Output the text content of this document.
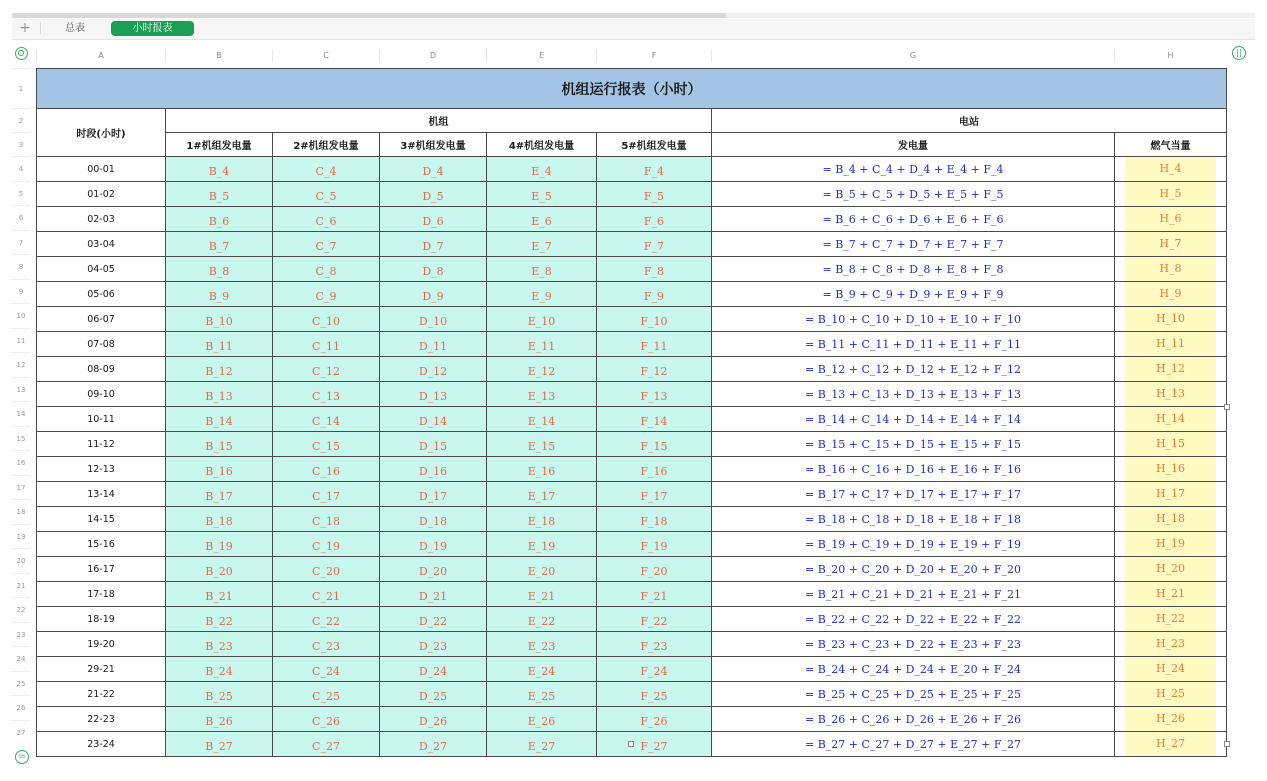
+	总表	小时报表
||
A	B	C	D	E	F	G	H
1
2
3
4
5
6
7
8
9
10
11
12
13
14
15
16
17
18
19
20
21
22
23
24
25
26
27
机组运行报表（小时）							
时段(小时)	机组					电站	
	1#机组发电量	2#机组发电量	3#机组发电量	4#机组发电量	5#机组发电量	发电量	燃气当量
00-01	B_4	C_4	D_4	E_4	F_4	= B_4 + C_4 + D_4 + E_4 + F_4	H_4

01-02	B_5	C_5	D_5	E_5	F_5	= B_5 + C_5 + D_5 + E_5 + F_5	H_5

02-03	B_6	C_6	D_6	E_6	F_6	= B_6 + C_6 + D_6 + E_6 + F_6	H_6

03-04	B_7	C_7	D_7	E_7	F_7	= B_7 + C_7 + D_7 + E_7 + F_7	H_7

04-05	B_8	C_8	D_8	E_8	F_8	= B_8 + C_8 + D_8 + E_8 + F_8	H_8

05-06	B_9	C_9	D_9	E_9	F_9	= B_9 + C_9 + D_9 + E_9 + F_9	H_9

06-07	B_10	C_10	D_10	E_10	F_10	= B_10 + C_10 + D_10 + E_10 + F_10	H_10

07-08	B_11	C_11	D_11	E_11	F_11	= B_11 + C_11 + D_11 + E_11 + F_11	H_11

08-09	B_12	C_12	D_12	E_12	F_12	= B_12 + C_12 + D_12 + E_12 + F_12	H_12

09-10	B_13	C_13	D_13	E_13	F_13	= B_13 + C_13 + D_13 + E_13 + F_13	H_13

10-11	B_14	C_14	D_14	E_14	F_14	= B_14 + C_14 + D_14 + E_14 + F_14	H_14

11-12	B_15	C_15	D_15	E_15	F_15	= B_15 + C_15 + D_15 + E_15 + F_15	H_15

12-13	B_16	C_16	D_16	E_16	F_16	= B_16 + C_16 + D_16 + E_16 + F_16	H_16

13-14	B_17	C_17	D_17	E_17	F_17	= B_17 + C_17 + D_17 + E_17 + F_17	H_17

14-15	B_18	C_18	D_18	E_18	F_18	= B_18 + C_18 + D_18 + E_18 + F_18	H_18

15-16	B_19	C_19	D_19	E_19	F_19	= B_19 + C_19 + D_19 + E_19 + F_19	H_19

16-17	B_20	C_20	D_20	E_20	F_20	= B_20 + C_20 + D_20 + E_20 + F_20	H_20

17-18	B_21	C_21	D_21	E_21	F_21	= B_21 + C_21 + D_21 + E_21 + F_21	H_21

18-19	B_22	C_22	D_22	E_22	F_22	= B_22 + C_22 + D_22 + E_22 + F_22	H_22

19-20	B_23	C_23	D_23	E_23	F_23	= B_23 + C_23 + D_22 + E_23 + F_23	H_23

29-21	B_24	C_24	D_24	E_24	F_24	= B_24 + C_24 + D_24 + E_20 + F_24	H_24

21-22	B_25	C_25	D_25	E_25	F_25	= B_25 + C_25 + D_25 + E_25 + F_25	H_25

22-23	B_26	C_26	D_26	E_26	F_26	= B_26 + C_26 + D_26 + E_26 + F_26	H_26

23-24	B_27	C_27	D_27	E_27	F_27	= B_27 + C_27 + D_27 + E_27 + F_27	H_27
=
